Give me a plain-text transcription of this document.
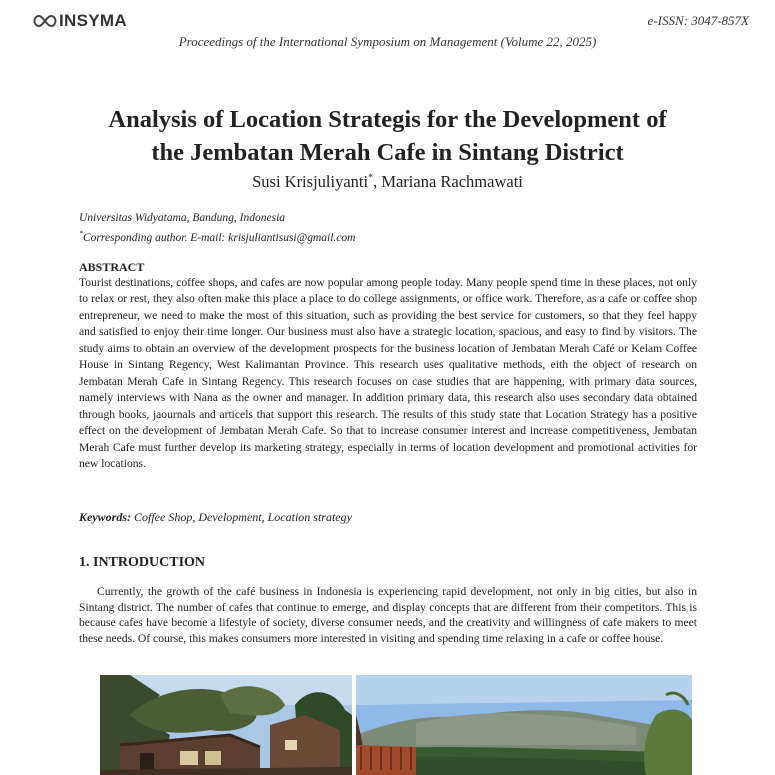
INSYMA	e-ISSN: 3047-857X
Proceedings of the International Symposium on Management (Volume 22, 2025)
Analysis of Location Strategis for the Development of
the Jembatan Merah Cafe in Sintang District
Susi Krisjuliyanti*, Mariana Rachmawati
Universitas Widyatama, Bandung, Indonesia
*Corresponding author. E-mail: krisjuliantisusi@gmail.com
ABSTRACT
Tourist destinations, coffee shops, and cafes are now popular among people today. Many people spend time in these places, not only to relax or rest, they also often make this place a place to do college assignments, or office work. Therefore, as a cafe or coffee shop entrepreneur, we need to make the most of this situation, such as providing the best service for customers, so that they feel happy and satisfied to enjoy their time longer. Our business must also have a strategic location, spacious, and easy to find by visitors. The study aims to obtain an overview of the development prospects for the business location of Jembatan Merah Café or Kelam Coffee House in Sintang Regency, West Kalimantan Province. This research uses qualitative methods, eith the object of research on Jembatan Merah Cafe in Sintang Regency. This research focuses on case studies that are happening, with primary data sources, namely interviews with Nana as the owner and manager. In addition primary data, this research also uses secondary data obtained through books, jaournals and articels that support this research. The results of this study state that Location Strategy has a positive effect on the development of Jembatan Merah Cafe. So that to increase consumer interest and increase competitiveness, Jembatan Merah Cafe must further develop its marketing strategy, especially in terms of location development and promotional activities for new locations.
Keywords: Coffee Shop, Development, Location strategy
1. INTRODUCTION
Currently, the growth of the café business in Indonesia is experiencing rapid development, not only in big cities, but also in Sintang district. The number of cafes that continue to emerge, and display concepts that are different from their competitors. This is because cafes have become a lifestyle of society, diverse consumer needs, and the creativity and willingness of cafe makers to meet these needs. Of course, this makes consumers more interested in visiting and spending time relaxing in a cafe or coffee house.
